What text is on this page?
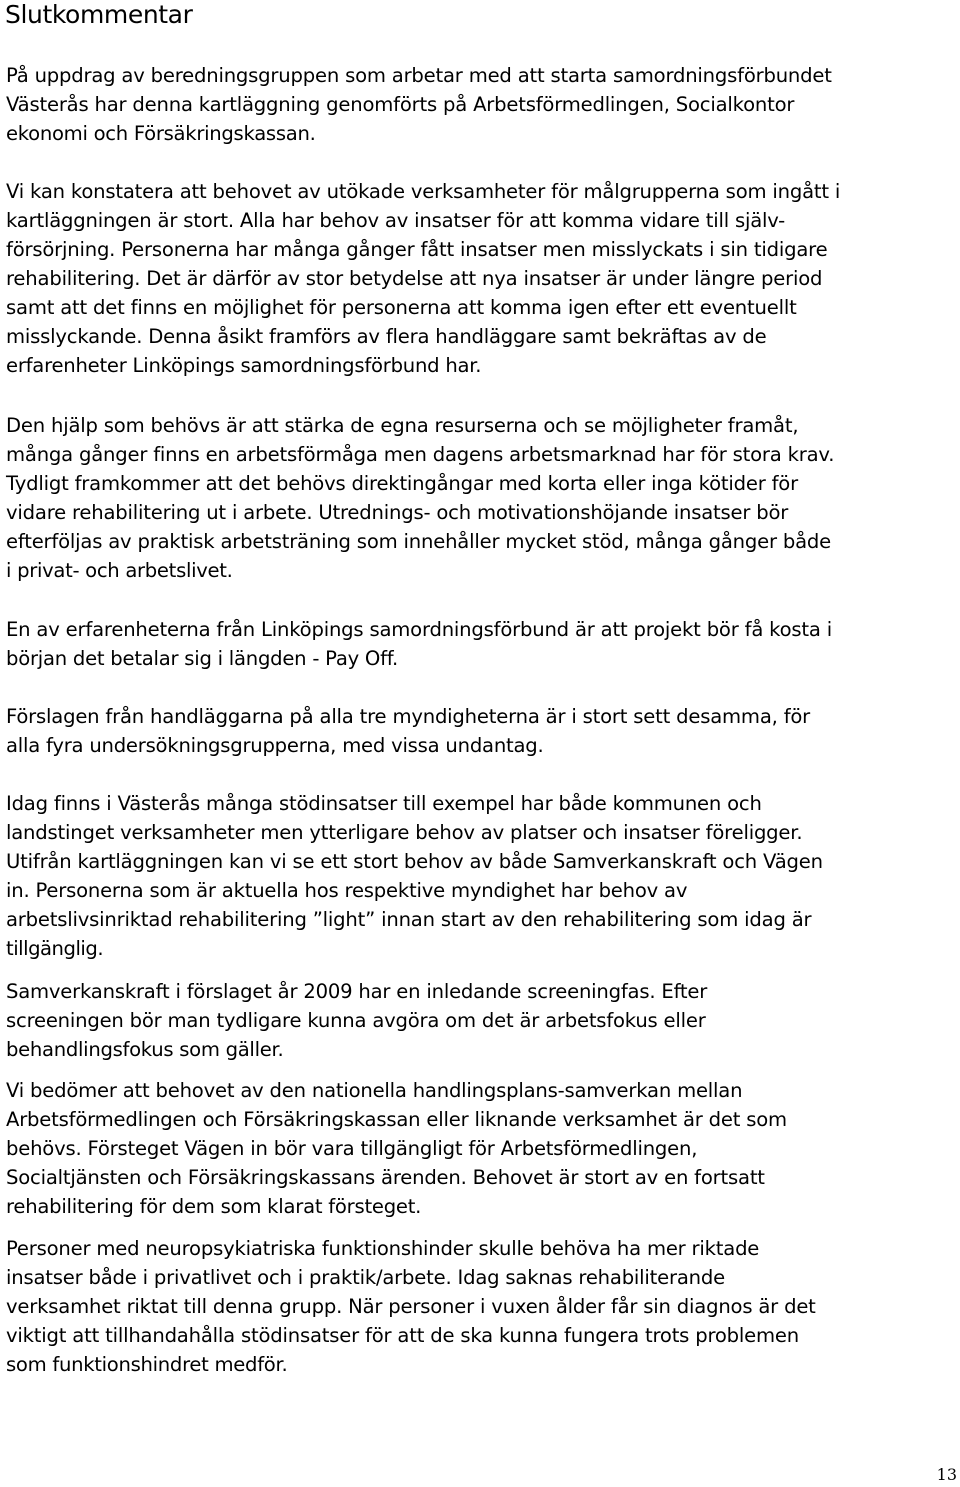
Slutkommentar

På uppdrag av beredningsgruppen som arbetar med att starta samordningsförbundet
Västerås har denna kartläggning genomförts på Arbetsförmedlingen, Socialkontor
ekonomi och Försäkringskassan.

Vi kan konstatera att behovet av utökade verksamheter för målgrupperna som ingått i
kartläggningen är stort. Alla har behov av insatser för att komma vidare till själv-
försörjning. Personerna har många gånger fått insatser men misslyckats i sin tidigare
rehabilitering. Det är därför av stor betydelse att nya insatser är under längre period
samt att det finns en möjlighet för personerna att komma igen efter ett eventuellt
misslyckande. Denna åsikt framförs av flera handläggare samt bekräftas av de
erfarenheter Linköpings samordningsförbund har.

Den hjälp som behövs är att stärka de egna resurserna och se möjligheter framåt,
många gånger finns en arbetsförmåga men dagens arbetsmarknad har för stora krav.
Tydligt framkommer att det behövs direktingångar med korta eller inga kötider för
vidare rehabilitering ut i arbete. Utrednings- och motivationshöjande insatser bör
efterföljas av praktisk arbetsträning som innehåller mycket stöd, många gånger både
i privat- och arbetslivet.

En av erfarenheterna från Linköpings samordningsförbund är att projekt bör få kosta i
början det betalar sig i längden - Pay Off.

Förslagen från handläggarna på alla tre myndigheterna är i stort sett desamma, för
alla fyra undersökningsgrupperna, med vissa undantag.

Idag finns i Västerås många stödinsatser till exempel har både kommunen och
landstinget verksamheter men ytterligare behov av platser och insatser föreligger.
Utifrån kartläggningen kan vi se ett stort behov av både Samverkanskraft och Vägen
in. Personerna som är aktuella hos respektive myndighet har behov av
arbetslivsinriktad rehabilitering ”light” innan start av den rehabilitering som idag är
tillgänglig.

Samverkanskraft i förslaget år 2009 har en inledande screeningfas. Efter
screeningen bör man tydligare kunna avgöra om det är arbetsfokus eller
behandlingsfokus som gäller.

Vi bedömer att behovet av den nationella handlingsplans-samverkan mellan
Arbetsförmedlingen och Försäkringskassan eller liknande verksamhet är det som
behövs. Försteget Vägen in bör vara tillgängligt för Arbetsförmedlingen,
Socialtjänsten och Försäkringskassans ärenden. Behovet är stort av en fortsatt
rehabilitering för dem som klarat försteget.

Personer med neuropsykiatriska funktionshinder skulle behöva ha mer riktade
insatser både i privatlivet och i praktik/arbete. Idag saknas rehabiliterande
verksamhet riktat till denna grupp. När personer i vuxen ålder får sin diagnos är det
viktigt att tillhandahålla stödinsatser för att de ska kunna fungera trots problemen
som funktionshindret medför.

13
